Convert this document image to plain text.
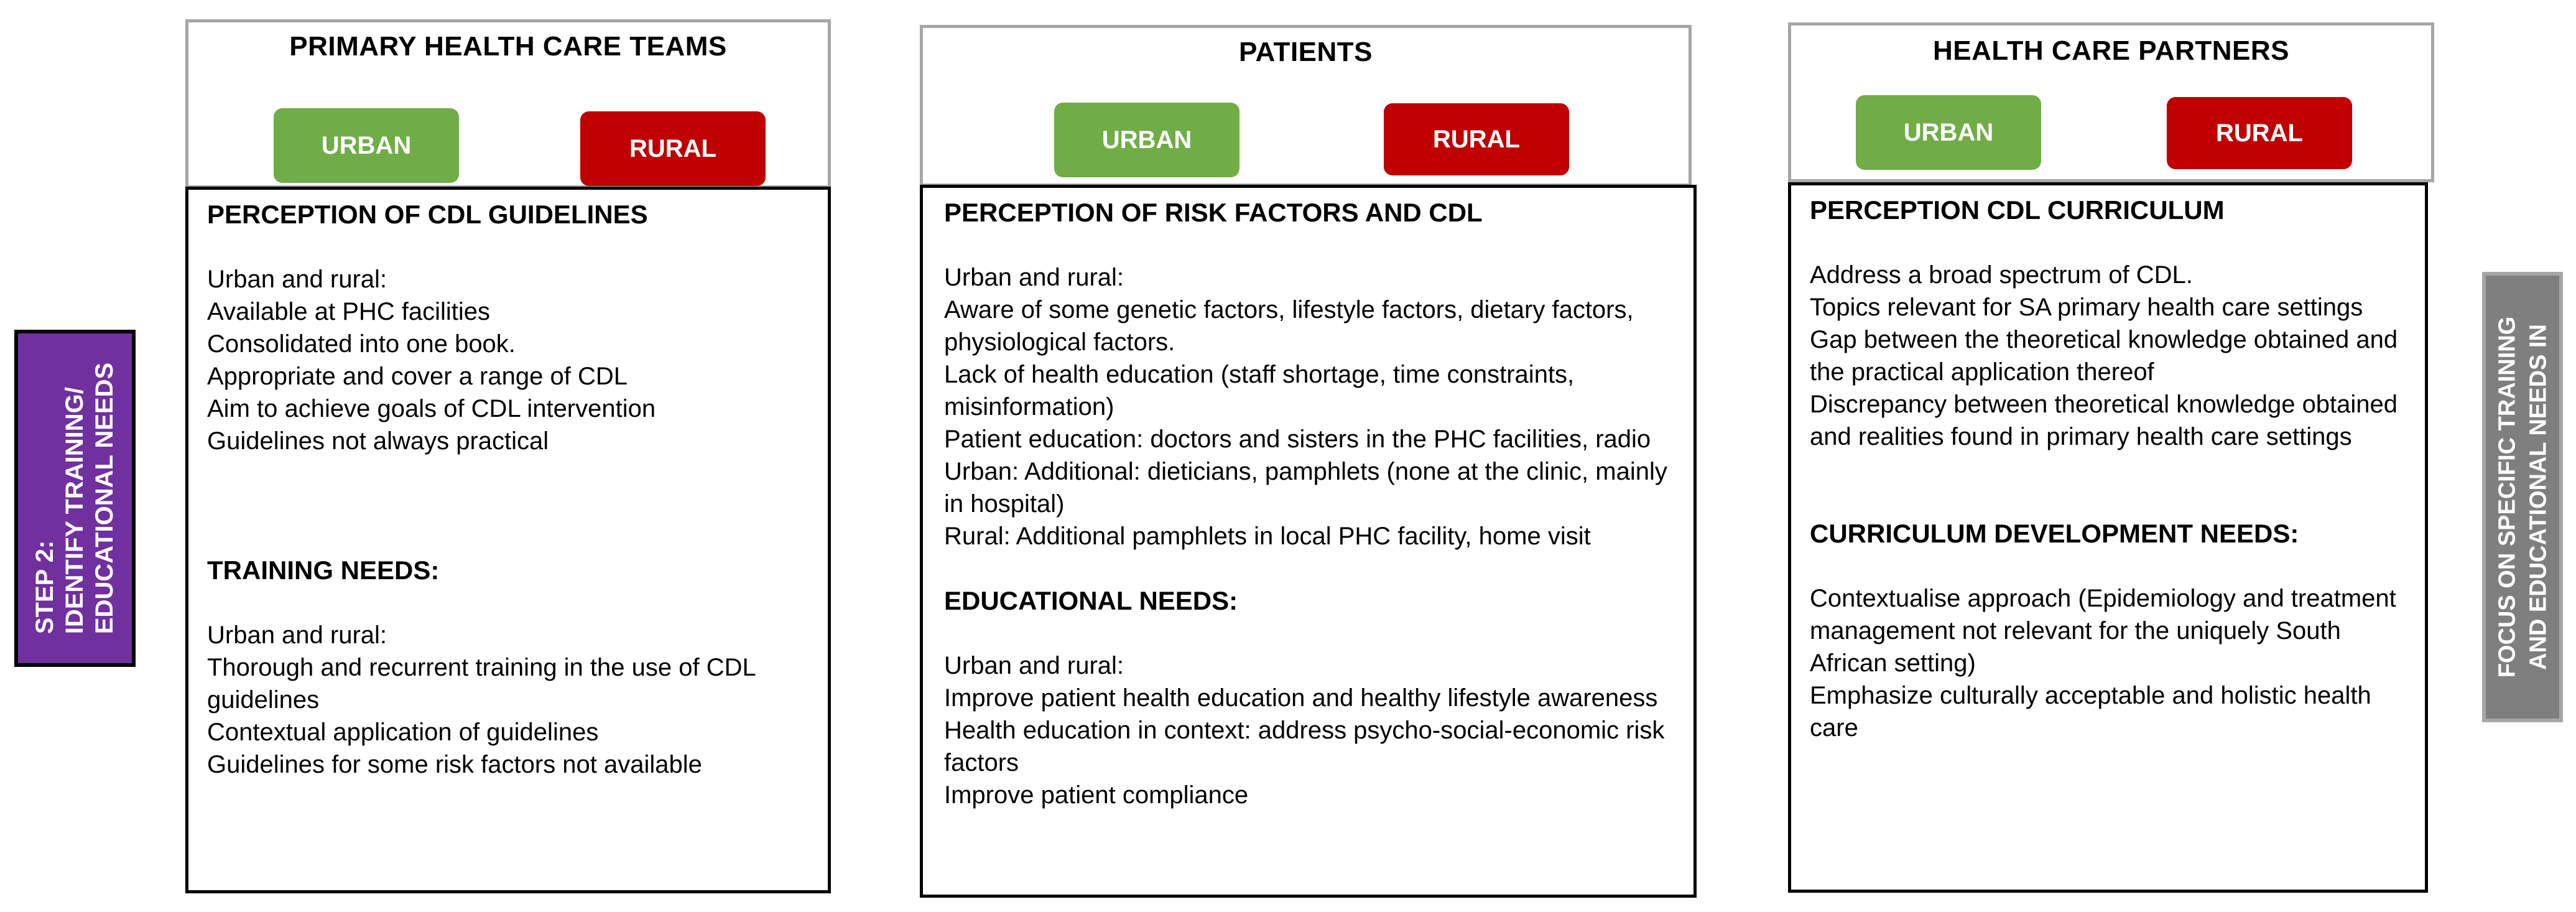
STEP 2: IDENTIFY TRAINING/ EDUCATIONAL NEEDS
PRIMARY HEALTH CARE TEAMS
URBAN	RURAL
PERCEPTION OF CDL GUIDELINES
Urban and rural:
Available at PHC facilities
Consolidated into one book.
Appropriate and cover a range of CDL
Aim to achieve goals of CDL intervention
Guidelines not always practical
TRAINING NEEDS:
Urban and rural:
Thorough and recurrent training in the use of CDL guidelines
Contextual application of guidelines
Guidelines for some risk factors not available
PATIENTS
URBAN	RURAL
PERCEPTION OF RISK FACTORS AND CDL
Urban and rural:
Aware of some genetic factors, lifestyle factors, dietary factors, physiological factors.
Lack of health education (staff shortage, time constraints, misinformation)
Patient education: doctors and sisters in the PHC facilities, radio
Urban: Additional: dieticians, pamphlets (none at the clinic, mainly in hospital)
Rural: Additional pamphlets in local PHC facility, home visit
EDUCATIONAL NEEDS:
Urban and rural:
Improve patient health education and healthy lifestyle awareness
Health education in context: address psycho-social-economic risk factors
Improve patient compliance
HEALTH CARE PARTNERS
URBAN	RURAL
PERCEPTION CDL CURRICULUM
Address a broad spectrum of CDL.
Topics relevant for SA primary health care settings
Gap between the theoretical knowledge obtained and the practical application thereof
Discrepancy between theoretical knowledge obtained and realities found in primary health care settings
CURRICULUM DEVELOPMENT NEEDS:
Contextualise approach (Epidemiology and treatment management not relevant for the uniquely South African setting)
Emphasize culturally acceptable and holistic health care
FOCUS ON SPECIFIC TRAINING AND EDUCATIONAL NEEDS IN
